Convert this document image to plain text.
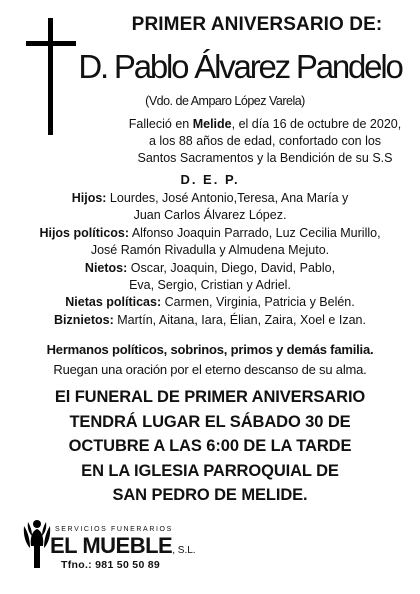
PRIMER ANIVERSARIO DE:
D. Pablo Álvarez Pandelo
(Vdo. de Amparo López Varela)
Falleció en Melide, el día 16 de octubre de 2020,
a los 88 años de edad, confortado con los
Santos Sacramentos y la Bendición de su S.S
D. E. P.
Hijos: Lourdes, José Antonio,Teresa, Ana María y
Juan Carlos Álvarez López.
Hijos políticos: Alfonso Joaquin Parrado, Luz Cecilia Murillo,
José Ramón Rivadulla y Almudena Mejuto.
Nietos: Oscar, Joaquin, Diego, David, Pablo,
Eva, Sergio, Cristian y Adriel.
Nietas políticas: Carmen, Virginia, Patricia y Belén.
Biznietos: Martín, Aitana, Iara, Élian, Zaira, Xoel e Izan.
Hermanos políticos, sobrinos, primos y demás familia.
Ruegan una oración por el eterno descanso de su alma.
El FUNERAL DE PRIMER ANIVERSARIO
TENDRÁ LUGAR EL SÁBADO 30 DE
OCTUBRE A LAS 6:00 DE LA TARDE
EN LA IGLESIA PARROQUIAL DE
SAN PEDRO DE MELIDE.
SERVICIOS FUNERARIOS
EL MUEBLE, S.L.
Tfno.: 981 50 50 89
